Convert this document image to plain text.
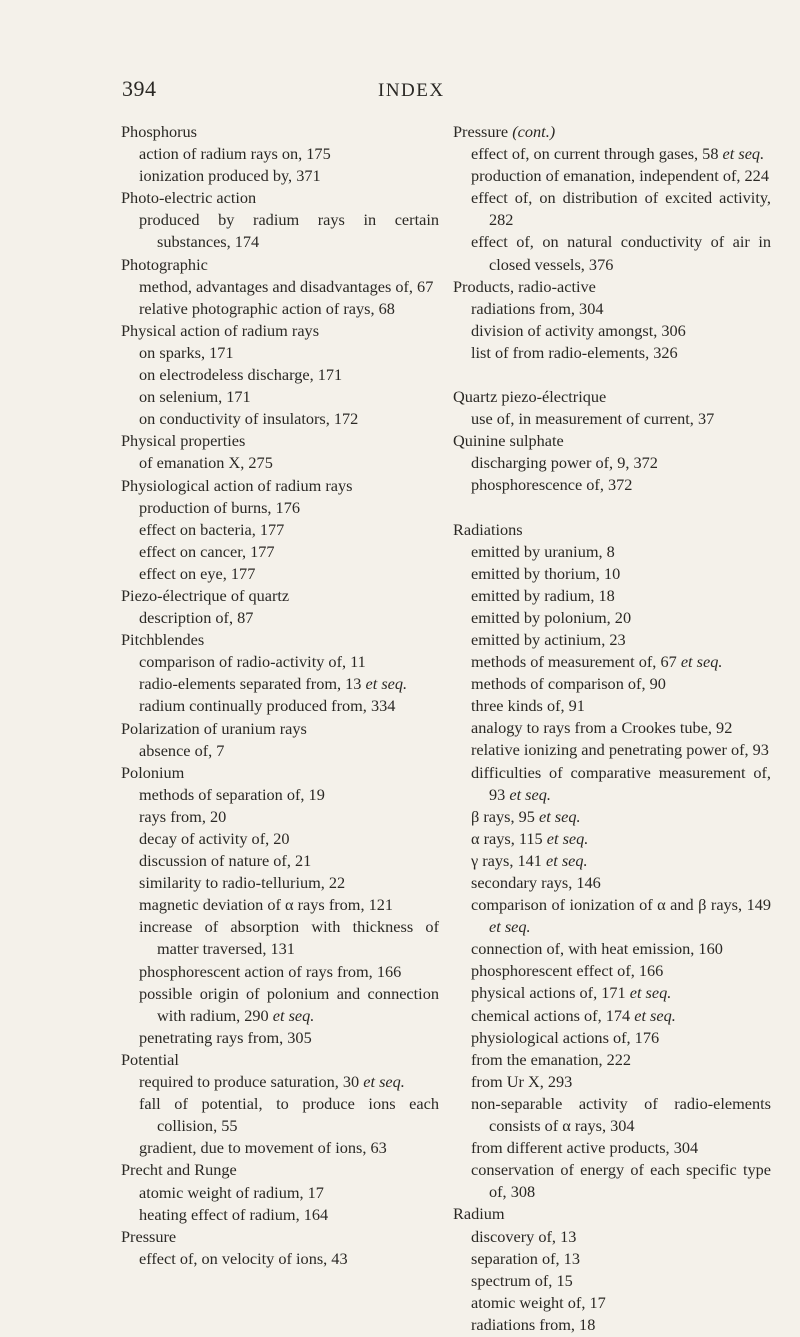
394	INDEX
Phosphorus
action of radium rays on, 175
ionization produced by, 371
Photo-electric action
produced by radium rays in certain substances, 174
Photographic
method, advantages and disadvantages of, 67
relative photographic action of rays, 68
Physical action of radium rays
on sparks, 171
on electrodeless discharge, 171
on selenium, 171
on conductivity of insulators, 172
Physical properties
of emanation X, 275
Physiological action of radium rays
production of burns, 176
effect on bacteria, 177
effect on cancer, 177
effect on eye, 177
Piezo-électrique of quartz
description of, 87
Pitchblendes
comparison of radio-activity of, 11
radio-elements separated from, 13 et seq.
radium continually produced from, 334
Polarization of uranium rays
absence of, 7
Polonium
methods of separation of, 19
rays from, 20
decay of activity of, 20
discussion of nature of, 21
similarity to radio-tellurium, 22
magnetic deviation of α rays from, 121
increase of absorption with thickness of matter traversed, 131
phosphorescent action of rays from, 166
possible origin of polonium and connection with radium, 290 et seq.
penetrating rays from, 305
Potential
required to produce saturation, 30 et seq.
fall of potential, to produce ions each collision, 55
gradient, due to movement of ions, 63
Precht and Runge
atomic weight of radium, 17
heating effect of radium, 164
Pressure
effect of, on velocity of ions, 43
Pressure (cont.)
effect of, on current through gases, 58 et seq.
production of emanation, independent of, 224
effect of, on distribution of excited activity, 282
effect of, on natural conductivity of air in closed vessels, 376
Products, radio-active
radiations from, 304
division of activity amongst, 306
list of from radio-elements, 326
Quartz piezo-électrique
use of, in measurement of current, 37
Quinine sulphate
discharging power of, 9, 372
phosphorescence of, 372
Radiations
emitted by uranium, 8
emitted by thorium, 10
emitted by radium, 18
emitted by polonium, 20
emitted by actinium, 23
methods of measurement of, 67 et seq.
methods of comparison of, 90
three kinds of, 91
analogy to rays from a Crookes tube, 92
relative ionizing and penetrating power of, 93
difficulties of comparative measurement of, 93 et seq.
β rays, 95 et seq.
α rays, 115 et seq.
γ rays, 141 et seq.
secondary rays, 146
comparison of ionization of α and β rays, 149 et seq.
connection of, with heat emission, 160
phosphorescent effect of, 166
physical actions of, 171 et seq.
chemical actions of, 174 et seq.
physiological actions of, 176
from the emanation, 222
from Ur X, 293
non-separable activity of radio-elements consists of α rays, 304
from different active products, 304
conservation of energy of each specific type of, 308
Radium
discovery of, 13
separation of, 13
spectrum of, 15
atomic weight of, 17
radiations from, 18
